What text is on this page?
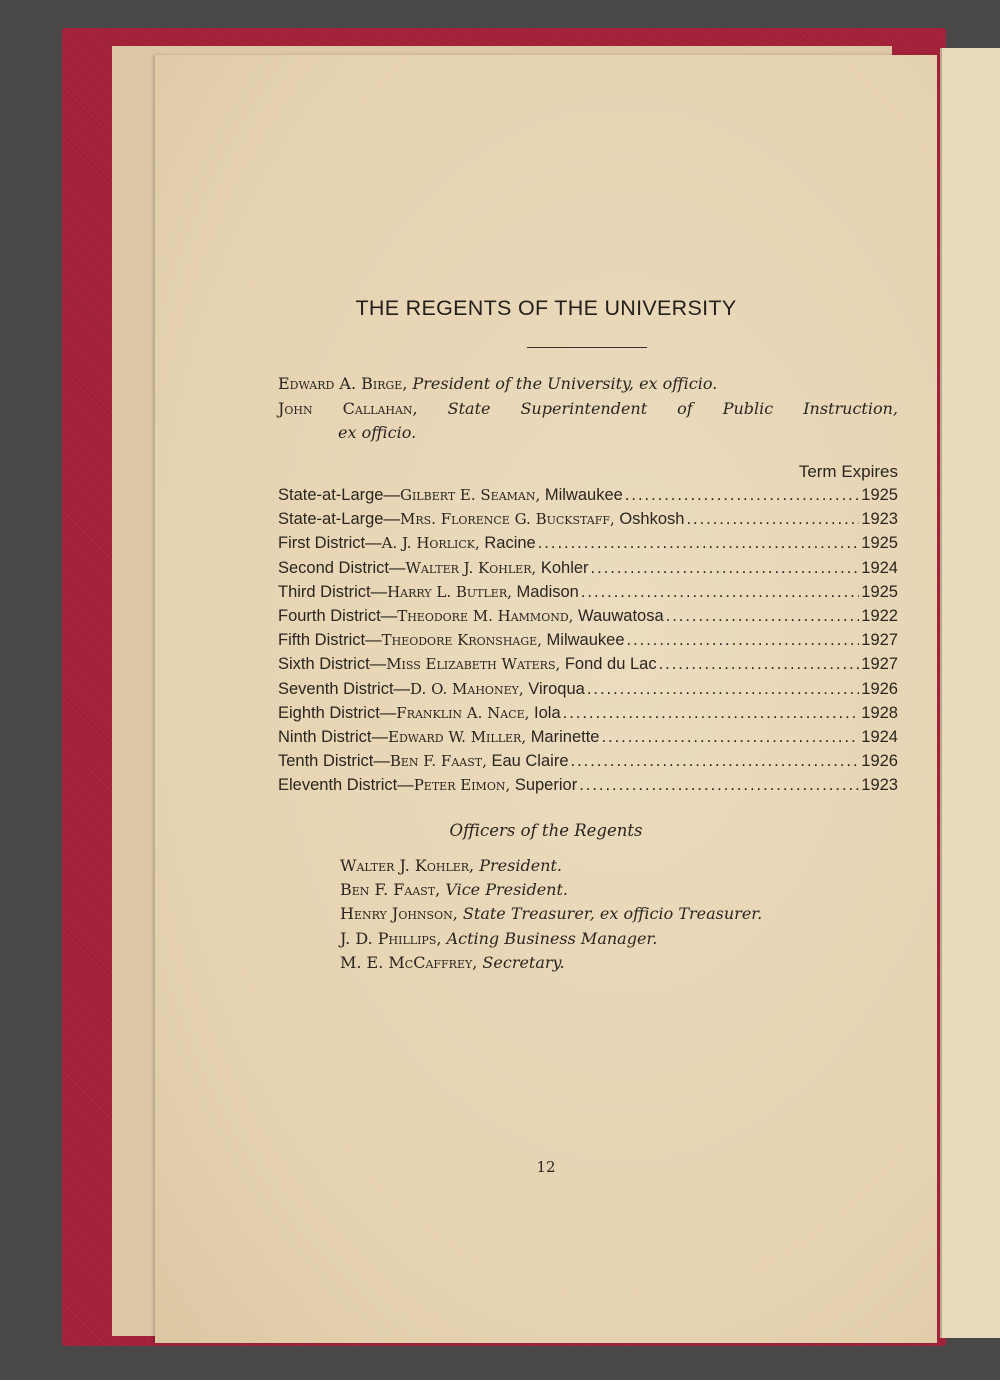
THE REGENTS OF THE UNIVERSITY
Edward A. Birge, President of the University, ex officio.
John Callahan, State Superintendent of Public Instruction,
ex officio.
Term Expires
State-at-Large—Gilbert E. Seaman, Milwaukee . . .	1925
State-at-Large—Mrs. Florence G. Buckstaff, Oshkosh . . .	1923
First District—A. J. Horlick, Racine . . .	1925
Second District—Walter J. Kohler, Kohler . . .	1924
Third District—Harry L. Butler, Madison . . .	1925
Fourth District—Theodore M. Hammond, Wauwatosa . . .	1922
Fifth District—Theodore Kronshage, Milwaukee . . .	1927
Sixth District—Miss Elizabeth Waters, Fond du Lac . . .	1927
Seventh District—D. O. Mahoney, Viroqua . . .	1926
Eighth District—Franklin A. Nace, Iola . . .	1928
Ninth District—Edward W. Miller, Marinette . . .	1924
Tenth District—Ben F. Faast, Eau Claire . . .	1926
Eleventh District—Peter Eimon, Superior . . .	1923
Officers of the Regents
Walter J. Kohler, President.
Ben F. Faast, Vice President.
Henry Johnson, State Treasurer, ex officio Treasurer.
J. D. Phillips, Acting Business Manager.
M. E. McCaffrey, Secretary.
12
